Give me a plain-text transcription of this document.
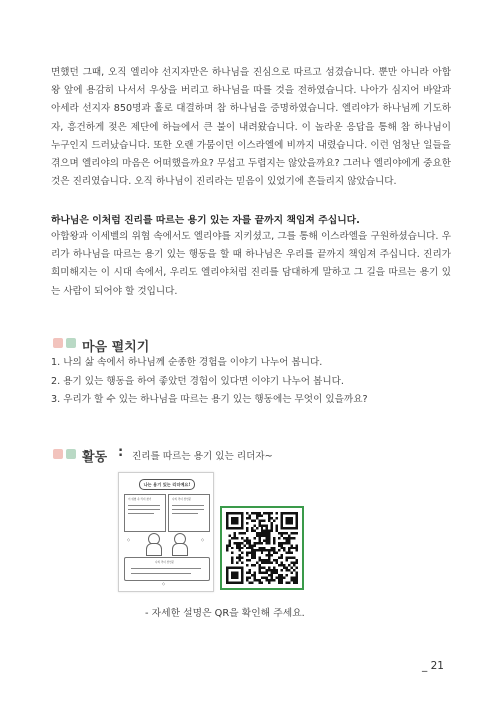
면했던 그때, 오직 엘리야 선지자만은 하나님을 진심으로 따르고 섬겼습니다. 뿐만 아니라 아합왕 앞에 용감히 나서서 우상을 버리고 하나님을 따를 것을 전하였습니다. 나아가 심지어 바알과 아세라 선지자 850명과 홀로 대결하며 참 하나님을 증명하였습니다. 엘리야가 하나님께 기도하자, 흥건하게 젖은 제단에 하늘에서 큰 불이 내려왔습니다. 이 놀라운 응답을 통해 참 하나님이 누구인지 드러났습니다. 또한 오랜 가뭄이던 이스라엘에 비까지 내렸습니다. 이런 엄청난 일들을 겪으며 엘리야의 마음은 어떠했을까요? 무섭고 두렵지는 않았을까요? 그러나 엘리야에게 중요한 것은 진리였습니다. 오직 하나님이 진리라는 믿음이 있었기에 흔들리지 않았습니다.

하나님은 이처럼 진리를 따르는 용기 있는 자를 끝까지 책임져 주십니다.

아합왕과 이세벨의 위협 속에서도 엘리야를 지키셨고, 그를 통해 이스라엘을 구원하셨습니다. 우리가 하나님을 따르는 용기 있는 행동을 할 때 하나님은 우리를 끝까지 책임져 주십니다. 진리가 희미해지는 이 시대 속에서, 우리도 엘리야처럼 진리를 담대하게 말하고 그 길을 따르는 용기 있는 사람이 되어야 할 것입니다.

마음 펼치기
1. 나의 삶 속에서 하나님께 순종한 경험을 이야기 나누어 봅니다.
2. 용기 있는 행동을 하여 좋았던 경험이 있다면 이야기 나누어 봅니다.
3. 우리가 할 수 있는 하나님을 따르는 용기 있는 행동에는 무엇이 있을까요?
활동 : 진리를 따르는 용기 있는 리더자~
나는 용기 있는 리더예요!
이 위협 속 리더 찾기	나의 리더 선언문
◇	◇
나의 리더 선언문
◇
- 자세한 설명은 QR을 확인해 주세요.
_ 21
